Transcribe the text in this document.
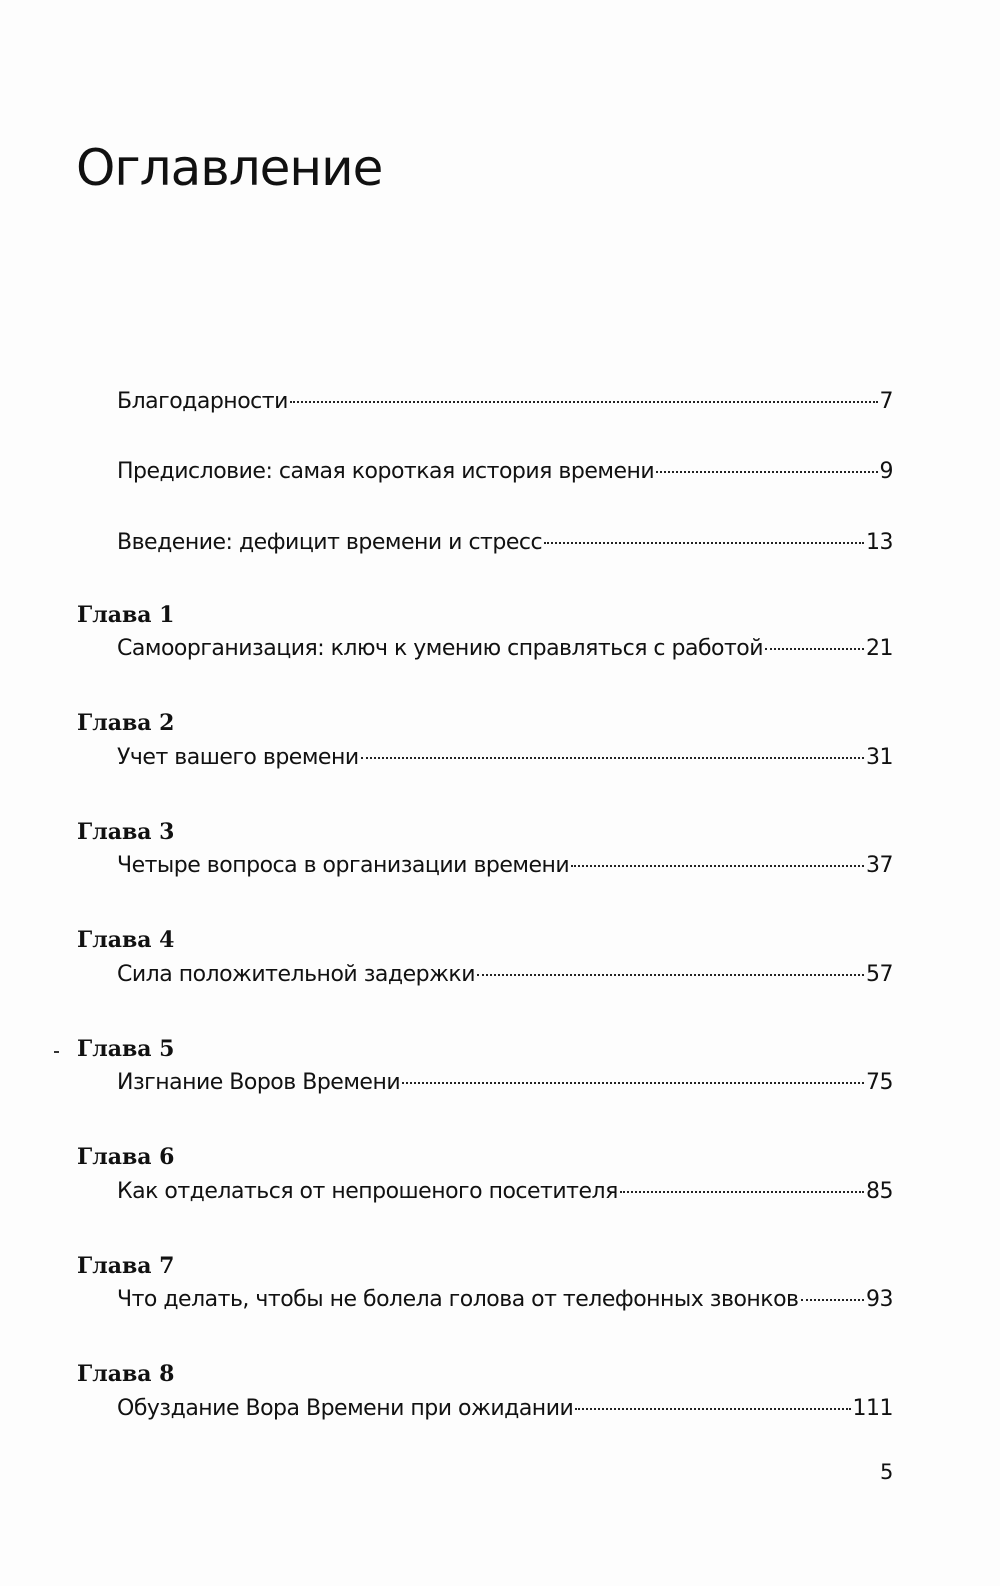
Оглавление
Благодарности	7
Предисловие: самая короткая история времени	9
Введение: дефицит времени и стресс	13
Глава 1
Самоорганизация: ключ к умению справляться с работой	21
Глава 2
Учет вашего времени	31
Глава 3
Четыре вопроса в организации времени	37
Глава 4
Сила положительной задержки	57
Глава 5
Изгнание Воров Времени	75
Глава 6
Как отделаться от непрошеного посетителя	85
Глава 7
Что делать, чтобы не болела голова от телефонных звонков	93
Глава 8
Обуздание Вора Времени при ожидании	111
5
